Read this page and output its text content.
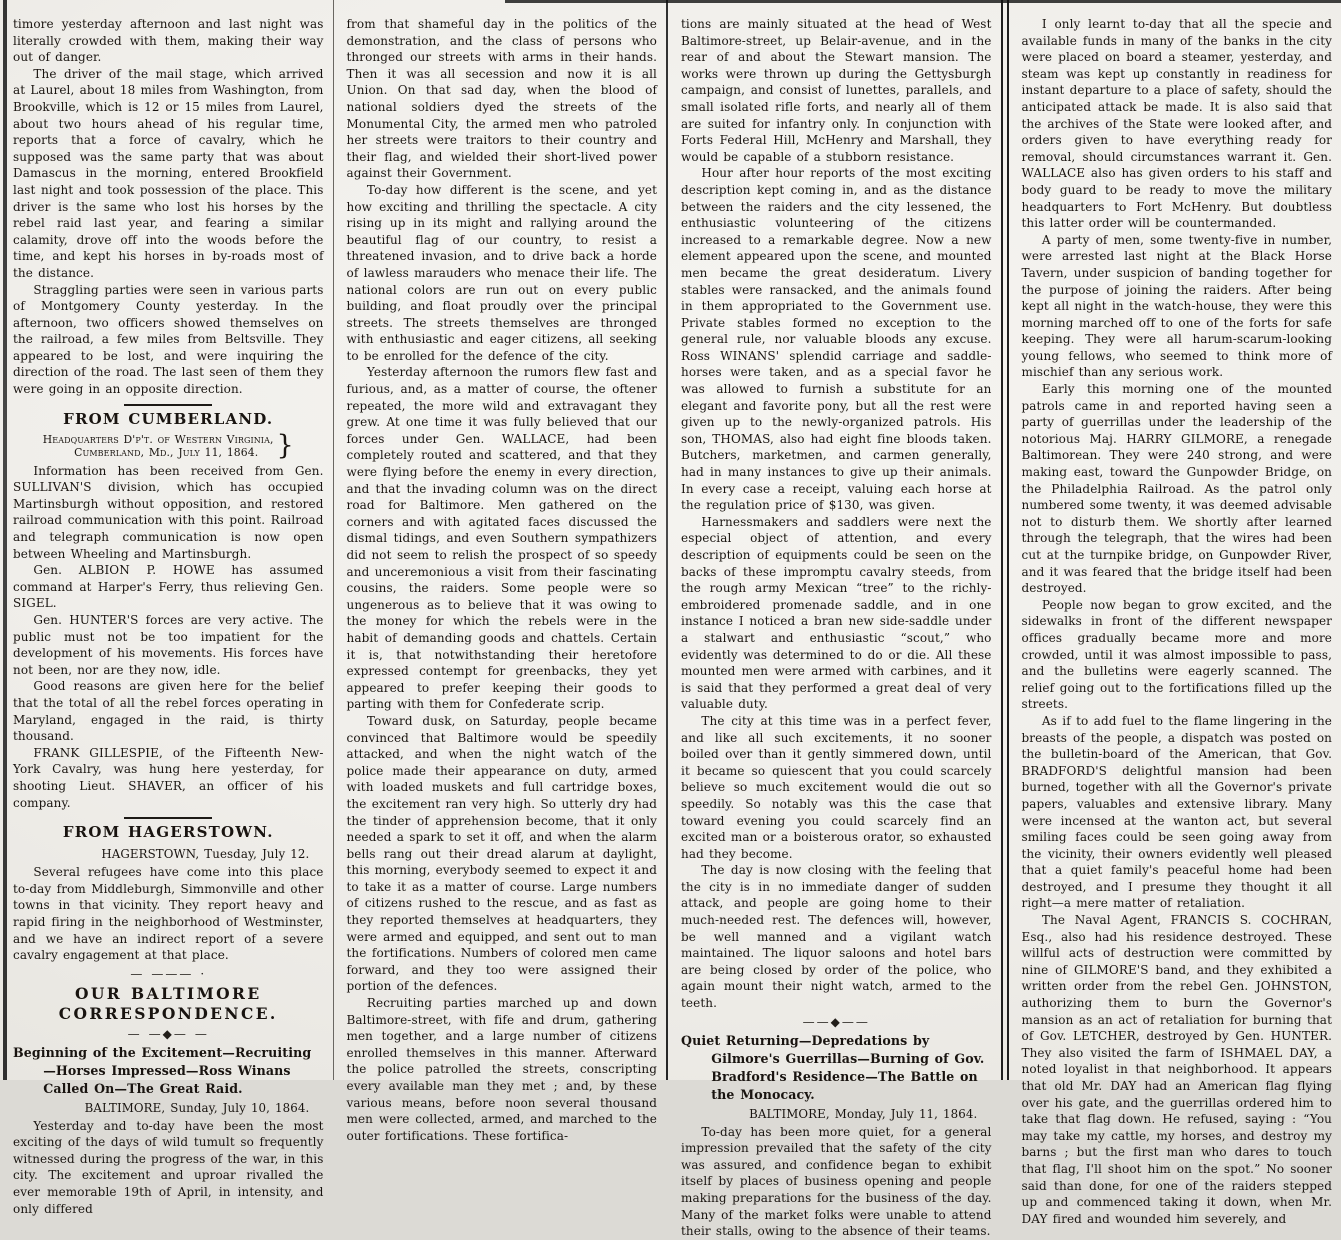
timore yesterday afternoon and last night was literally crowded with them, making their way out of danger.
The driver of the mail stage, which arrived at Laurel, about 18 miles from Washington, from Brookville, which is 12 or 15 miles from Laurel, about two hours ahead of his regular time, reports that a force of cavalry, which he supposed was the same party that was about Damascus in the morning, entered Brookfield last night and took possession of the place. This driver is the same who lost his horses by the rebel raid last year, and fearing a similar calamity, drove off into the woods before the time, and kept his horses in by-roads most of the distance.
Straggling parties were seen in various parts of Montgomery County yesterday. In the afternoon, two officers showed themselves on the railroad, a few miles from Beltsville. They appeared to be lost, and were inquiring the direction of the road. The last seen of them they were going in an opposite direction.
FROM CUMBERLAND.
Headquarters D'p't. of Western Virginia,
Cumberland, Md., July 11, 1864. }
Information has been received from Gen. SULLIVAN'S division, which has occupied Martinsburgh without opposition, and restored railroad communication with this point. Railroad and telegraph communication is now open between Wheeling and Martinsburgh.
Gen. ALBION P. HOWE has assumed command at Harper's Ferry, thus relieving Gen. SIGEL.
Gen. HUNTER'S forces are very active. The public must not be too impatient for the development of his movements. His forces have not been, nor are they now, idle.
Good reasons are given here for the belief that the total of all the rebel forces operating in Maryland, engaged in the raid, is thirty thousand.
FRANK GILLESPIE, of the Fifteenth New-York Cavalry, was hung here yesterday, for shooting Lieut. SHAVER, an officer of his company.
FROM HAGERSTOWN.
HAGERSTOWN, Tuesday, July 12.
Several refugees have come into this place to-day from Middleburgh, Simmonville and other towns in that vicinity. They report heavy and rapid firing in the neighborhood of Westminster, and we have an indirect report of a severe cavalry engagement at that place.
— ——— ·
OUR BALTIMORE CORRESPONDENCE.
— —◆— —
Beginning of the Excitement—Recruiting—Horses Impressed—Ross Winans Called On—The Great Raid.
BALTIMORE, Sunday, July 10, 1864.
Yesterday and to-day have been the most exciting of the days of wild tumult so frequently witnessed during the progress of the war, in this city. The excitement and uproar rivalled the ever memorable 19th of April, in intensity, and only differed
from that shameful day in the politics of the demonstration, and the class of persons who thronged our streets with arms in their hands. Then it was all secession and now it is all Union. On that sad day, when the blood of national soldiers dyed the streets of the Monumental City, the armed men who patroled her streets were traitors to their country and their flag, and wielded their short-lived power against their Government.
To-day how different is the scene, and yet how exciting and thrilling the spectacle. A city rising up in its might and rallying around the beautiful flag of our country, to resist a threatened invasion, and to drive back a horde of lawless marauders who menace their life. The national colors are run out on every public building, and float proudly over the principal streets. The streets themselves are thronged with enthusiastic and eager citizens, all seeking to be enrolled for the defence of the city.
Yesterday afternoon the rumors flew fast and furious, and, as a matter of course, the oftener repeated, the more wild and extravagant they grew. At one time it was fully believed that our forces under Gen. WALLACE, had been completely routed and scattered, and that they were flying before the enemy in every direction, and that the invading column was on the direct road for Baltimore. Men gathered on the corners and with agitated faces discussed the dismal tidings, and even Southern sympathizers did not seem to relish the prospect of so speedy and unceremonious a visit from their fascinating cousins, the raiders. Some people were so ungenerous as to believe that it was owing to the money for which the rebels were in the habit of demanding goods and chattels. Certain it is, that notwithstanding their heretofore expressed contempt for greenbacks, they yet appeared to prefer keeping their goods to parting with them for Confederate scrip.
Toward dusk, on Saturday, people became convinced that Baltimore would be speedily attacked, and when the night watch of the police made their appearance on duty, armed with loaded muskets and full cartridge boxes, the excitement ran very high. So utterly dry had the tinder of apprehension become, that it only needed a spark to set it off, and when the alarm bells rang out their dread alarum at daylight, this morning, everybody seemed to expect it and to take it as a matter of course. Large numbers of citizens rushed to the rescue, and as fast as they reported themselves at headquarters, they were armed and equipped, and sent out to man the fortifications. Numbers of colored men came forward, and they too were assigned their portion of the defences.
Recruiting parties marched up and down Baltimore-street, with fife and drum, gathering men together, and a large number of citizens enrolled themselves in this manner. Afterward the police patrolled the streets, conscripting every available man they met ; and, by these various means, before noon several thousand men were collected, armed, and marched to the outer fortifications. These fortifica-
tions are mainly situated at the head of West Baltimore-street, up Belair-avenue, and in the rear of and about the Stewart mansion. The works were thrown up during the Gettysburgh campaign, and consist of lunettes, parallels, and small isolated rifle forts, and nearly all of them are suited for infantry only. In conjunction with Forts Federal Hill, McHenry and Marshall, they would be capable of a stubborn resistance.
Hour after hour reports of the most exciting description kept coming in, and as the distance between the raiders and the city lessened, the enthusiastic volunteering of the citizens increased to a remarkable degree. Now a new element appeared upon the scene, and mounted men became the great desideratum. Livery stables were ransacked, and the animals found in them appropriated to the Government use. Private stables formed no exception to the general rule, nor valuable bloods any excuse. Ross WINANS' splendid carriage and saddle-horses were taken, and as a special favor he was allowed to furnish a substitute for an elegant and favorite pony, but all the rest were given up to the newly-organized patrols. His son, THOMAS, also had eight fine bloods taken. Butchers, marketmen, and carmen generally, had in many instances to give up their animals. In every case a receipt, valuing each horse at the regulation price of $130, was given.
Harnessmakers and saddlers were next the especial object of attention, and every description of equipments could be seen on the backs of these impromptu cavalry steeds, from the rough army Mexican “tree” to the richly-embroidered promenade saddle, and in one instance I noticed a bran new side-saddle under a stalwart and enthusiastic “scout,” who evidently was determined to do or die. All these mounted men were armed with carbines, and it is said that they performed a great deal of very valuable duty.
The city at this time was in a perfect fever, and like all such excitements, it no sooner boiled over than it gently simmered down, until it became so quiescent that you could scarcely believe so much excitement would die out so speedily. So notably was this the case that toward evening you could scarcely find an excited man or a boisterous orator, so exhausted had they become.
The day is now closing with the feeling that the city is in no immediate danger of sudden attack, and people are going home to their much-needed rest. The defences will, however, be well manned and a vigilant watch maintained. The liquor saloons and hotel bars are being closed by order of the police, who again mount their night watch, armed to the teeth.
——◆——
Quiet Returning—Depredations by Gilmore's Guerrillas—Burning of Gov. Bradford's Residence—The Battle on the Monocacy.
BALTIMORE, Monday, July 11, 1864.
To-day has been more quiet, for a general impression prevailed that the safety of the city was assured, and confidence began to exhibit itself by places of business opening and people making preparations for the business of the day. Many of the market folks were unable to attend their stalls, owing to the absence of their teams.
I only learnt to-day that all the specie and available funds in many of the banks in the city were placed on board a steamer, yesterday, and steam was kept up constantly in readiness for instant departure to a place of safety, should the anticipated attack be made. It is also said that the archives of the State were looked after, and orders given to have everything ready for removal, should circumstances warrant it. Gen. WALLACE also has given orders to his staff and body guard to be ready to move the military headquarters to Fort McHenry. But doubtless this latter order will be countermanded.
A party of men, some twenty-five in number, were arrested last night at the Black Horse Tavern, under suspicion of banding together for the purpose of joining the raiders. After being kept all night in the watch-house, they were this morning marched off to one of the forts for safe keeping. They were all harum-scarum-looking young fellows, who seemed to think more of mischief than any serious work.
Early this morning one of the mounted patrols came in and reported having seen a party of guerrillas under the leadership of the notorious Maj. HARRY GILMORE, a renegade Baltimorean. They were 240 strong, and were making east, toward the Gunpowder Bridge, on the Philadelphia Railroad. As the patrol only numbered some twenty, it was deemed advisable not to disturb them. We shortly after learned through the telegraph, that the wires had been cut at the turnpike bridge, on Gunpowder River, and it was feared that the bridge itself had been destroyed.
People now began to grow excited, and the sidewalks in front of the different newspaper offices gradually became more and more crowded, until it was almost impossible to pass, and the bulletins were eagerly scanned. The relief going out to the fortifications filled up the streets.
As if to add fuel to the flame lingering in the breasts of the people, a dispatch was posted on the bulletin-board of the American, that Gov. BRADFORD'S delightful mansion had been burned, together with all the Governor's private papers, valuables and extensive library. Many were incensed at the wanton act, but several smiling faces could be seen going away from the vicinity, their owners evidently well pleased that a quiet family's peaceful home had been destroyed, and I presume they thought it all right—a mere matter of retaliation.
The Naval Agent, FRANCIS S. COCHRAN, Esq., also had his residence destroyed. These willful acts of destruction were committed by nine of GILMORE'S band, and they exhibited a written order from the rebel Gen. JOHNSTON, authorizing them to burn the Governor's mansion as an act of retaliation for burning that of Gov. LETCHER, destroyed by Gen. HUNTER. They also visited the farm of ISHMAEL DAY, a noted loyalist in that neighborhood. It appears that old Mr. DAY had an American flag flying over his gate, and the guerrillas ordered him to take that flag down. He refused, saying : “You may take my cattle, my horses, and destroy my barns ; but the first man who dares to touch that flag, I'll shoot him on the spot.” No sooner said than done, for one of the raiders stepped up and commenced taking it down, when Mr. DAY fired and wounded him severely, and
